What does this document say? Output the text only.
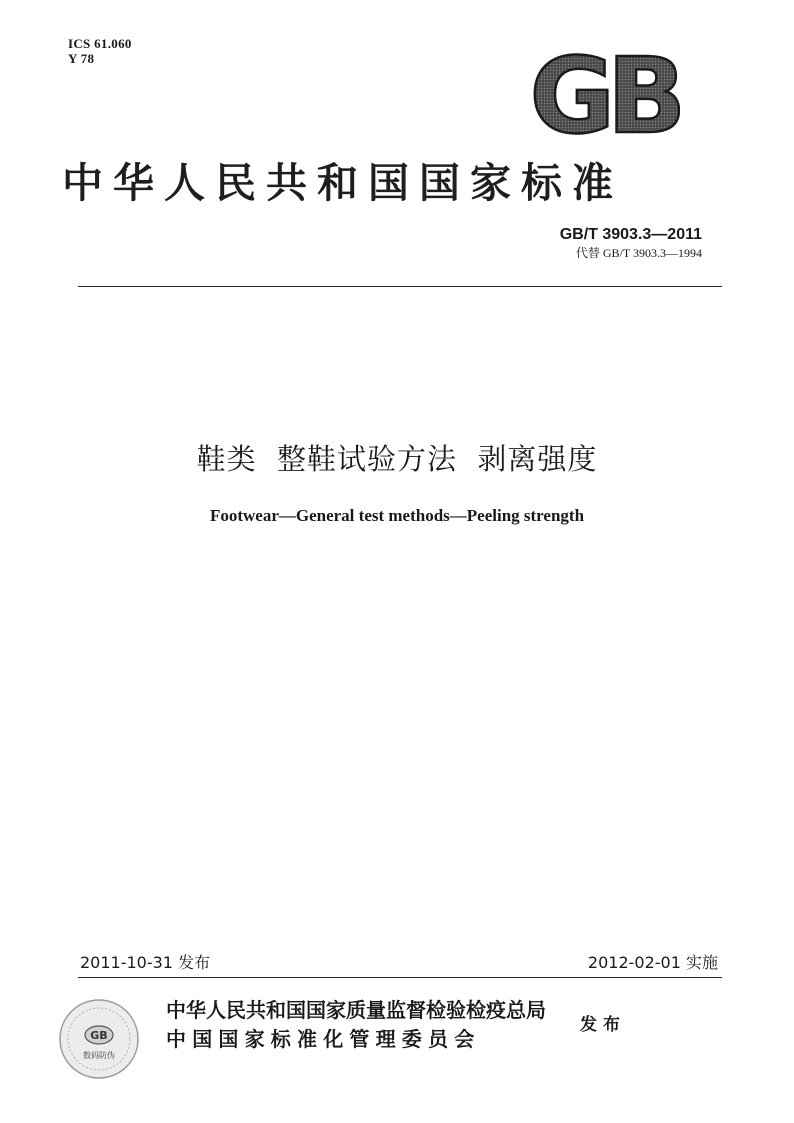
ICS 61.060
Y 78	GB
中华人民共和国国家标准
GB/T 3903.3—2011
代替 GB/T 3903.3—1994
鞋类  整鞋试验方法  剥离强度
Footwear—General test methods—Peeling strength
2011-10-31 发布	2012-02-01 实施
GB
数码防伪
中华人民共和国国家质量监督检验检疫总局
中国国家标准化管理委员会
发布
